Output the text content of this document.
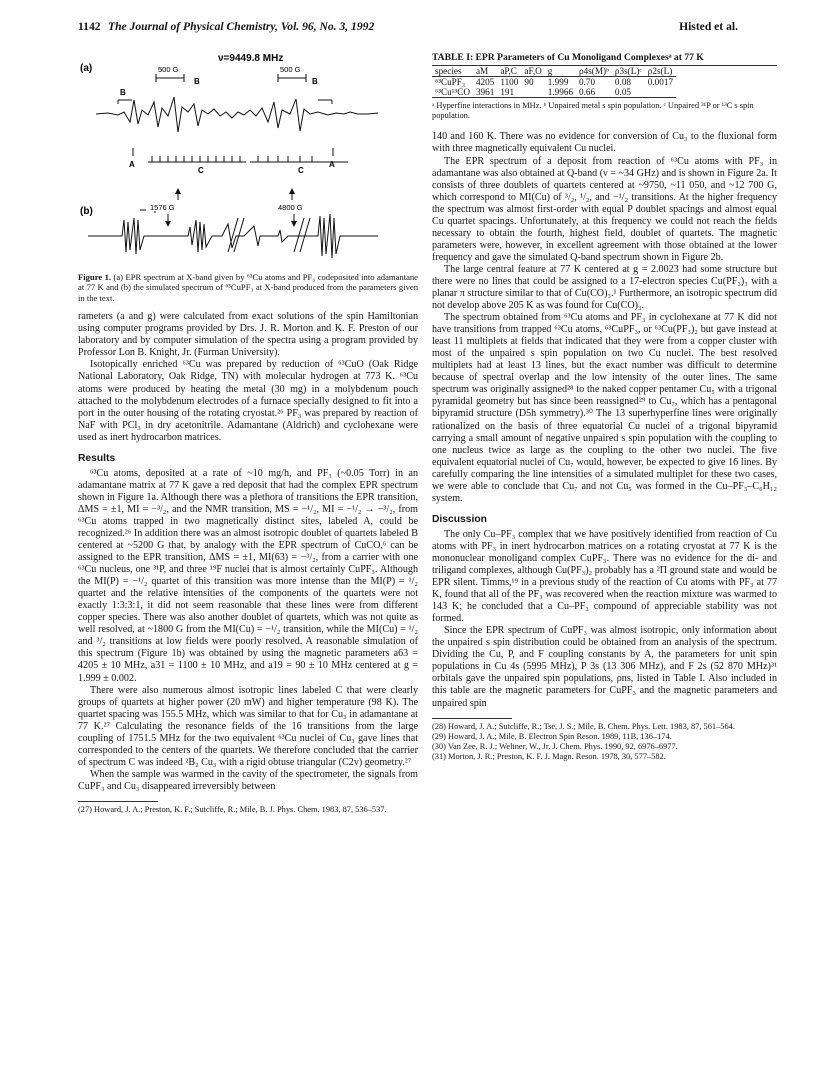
1142 The Journal of Physical Chemistry, Vol. 96, No. 3, 1992	Histed et al.
ν=9449.8 MHz
(a)	500 G	500 G
B
B
B
A	A
C	C
(b)	1576 G	4800 G

Figure 1. (a) EPR spectrum at X-band given by ⁶³Cu atoms and PF₃ codeposited into adamantane at 77 K and (b) the simulated spectrum of ⁶³CuPF₃ at X-band produced from the parameters given in the text.

rameters (a and g) were calculated from exact solutions of the spin Hamiltonian using computer programs provided by Drs. J. R. Morton and K. F. Preston of our laboratory and by computer simulation of the spectra using a program provided by Professor Lon B. Knight, Jr. (Furman University).

Isotopically enriched ⁶³Cu was prepared by reduction of ⁶³CuO (Oak Ridge National Laboratory, Oak Ridge, TN) with molecular hydrogen at 773 K. ⁶³Cu atoms were produced by heating the metal (30 mg) in a molybdenum pouch attached to the molybdenum electrodes of a furnace specially designed to fit into a port in the outer housing of the rotating cryostat.²⁶ PF₃ was prepared by reaction of NaF with PCl₃ in dry acetonitrile. Adamantane (Aldrich) and cyclohexane were used as inert hydrocarbon matrices.

Results

⁶³Cu atoms, deposited at a rate of ~10 mg/h, and PF₃ (~0.05 Torr) in an adamantane matrix at 77 K gave a red deposit that had the complex EPR spectrum shown in Figure 1a. Although there was a plethora of transitions the EPR transition, ΔMS = ±1, MI = −³/₂, and the NMR transition, MS = −¹/₂, MI = −¹/₂ → −³/₂, from ⁶³Cu atoms trapped in two magnetically distinct sites, labeled A, could be recognized.²⁶ In addition there was an almost isotropic doublet of quartets labeled B centered at ~5200 G that, by analogy with the EPR spectrum of CuCO,⁶ can be assigned to the EPR transition, ΔMS = ±1, MI(63) = −³/₂, from a carrier with one ⁶³Cu nucleus, one ³¹P, and three ¹⁹F nuclei that is almost certainly CuPF₃. Although the MI(P) = −¹/₂ quartet of this transition was more intense than the MI(P) = ¹/₂ quartet and the relative intensities of the components of the quartets were not exactly 1:3:3:1, it did not seem reasonable that these lines were from different copper species. There was also another doublet of quartets, which was not quite as well resolved, at ~1800 G from the MI(Cu) = −¹/₂ transition, while the MI(Cu) = ¹/₂ and ³/₂ transitions at low fields were poorly resolved. A reasonable simulation of this spectrum (Figure 1b) was obtained by using the magnetic parameters a63 = 4205 ± 10 MHz, a31 = 1100 ± 10 MHz, and a19 = 90 ± 10 MHz centered at g = 1.999 ± 0.002.

There were also numerous almost isotropic lines labeled C that were clearly groups of quartets at higher power (20 mW) and higher temperature (98 K). The quartet spacing was 155.5 MHz, which was similar to that for Cu₃ in adamantane at 77 K.²⁷ Calculating the resonance fields of the 16 transitions from the large coupling of 1751.5 MHz for the two equivalent ⁶³Cu nuclei of Cu₃ gave lines that corresponded to the centers of the quartets. We therefore concluded that the carrier of spectrum C was indeed ²B₂ Cu₃ with a rigid obtuse triangular (C2v) geometry.²⁷

When the sample was warmed in the cavity of the spectrometer, the signals from CuPF₃ and Cu₃ disappeared irreversibly between

(27) Howard, J. A.; Preston, K. F.; Sutcliffe, R.; Mile, B. J. Phys. Chem. 1983, 87, 536–537.

TABLE I: EPR Parameters of Cu Monoligand Complexesᵃ at 77 K
species	aM	aP,C	aF,O	g	ρ4s(M)ᵇ	ρ3s(L)ᶜ	ρ2s(L)
⁶³CuPF₃	4205	1100	90	1.999	0.70	0.08	0.0017
⁶³Cu¹³CO	3961	191		1.9966	0.66	0.05	

ᵃ Hyperfine interactions in MHz. ᵇ Unpaired metal s spin population. ᶜ Unpaired ³¹P or ¹³C s spin population.

140 and 160 K. There was no evidence for conversion of Cu₃ to the fluxional form with three magnetically equivalent Cu nuclei.

The EPR spectrum of a deposit from reaction of ⁶³Cu atoms with PF₃ in adamantane was also obtained at Q-band (ν = ~34 GHz) and is shown in Figure 2a. It consists of three doublets of quartets centered at ~9750, ~11 050, and ~12 700 G, which correspond to MI(Cu) of ³/₂, ¹/₂, and −¹/₂ transitions. At the higher frequency the spectrum was almost first-order with equal P doublet spacings and almost equal Cu quartet spacings. Unfortunately, at this frequency we could not reach the fields necessary to obtain the fourth, highest field, doublet of quartets. The magnetic parameters were, however, in excellent agreement with those obtained at the lower frequency and gave the simulated Q-band spectrum shown in Figure 2b.

The large central feature at 77 K centered at g = 2.0023 had some structure but there were no lines that could be assigned to a 17-electron species Cu(PF₃)₃ with a planar π structure similar to that of Cu(CO)₃.¹ Furthermore, an isotropic spectrum did not develop above 205 K as was found for Cu(CO)₃.

The spectrum obtained from ⁶³Cu atoms and PF₃ in cyclohexane at 77 K did not have transitions from trapped ⁶³Cu atoms, ⁶³CuPF₃, or ⁶³Cu(PF₃)₂ but gave instead at least 11 multiplets at fields that indicated that they were from a copper cluster with most of the unpaired s spin population on two Cu nuclei. The best resolved multiplets had at least 13 lines, but the exact number was difficult to determine because of spectral overlap and the low intensity of the outer lines. The same spectrum was originally assigned²⁸ to the naked copper pentamer Cu₅ with a trigonal pyramidal geometry but has since been reassigned²⁹ to Cu₇, which has a pentagonal bipyramid structure (D5h symmetry).³⁰ The 13 superhyperfine lines were originally rationalized on the basis of three equatorial Cu nuclei of a trigonal bipyramid carrying a small amount of negative unpaired s spin population with the coupling to one nucleus twice as large as the coupling to the other two nuclei. The five equivalent equatorial nuclei of Cu₇ would, however, be expected to give 16 lines. By carefully comparing the line intensities of a simulated multiplet for these two cases, we were able to conclude that Cu₇ and not Cu₅ was formed in the Cu–PF₃–C₆H₁₂ system.

Discussion

The only Cu–PF₃ complex that we have positively identified from reaction of Cu atoms with PF₃ in inert hydrocarbon matrices on a rotating cryostat at 77 K is the mononuclear monoligand complex CuPF₃. There was no evidence for the di- and triligand complexes, although Cu(PF₃)₂ probably has a ²Π ground state and would be EPR silent. Timms,¹⁹ in a previous study of the reaction of Cu atoms with PF₃ at 77 K, found that all of the PF₃ was recovered when the reaction mixture was warmed to 143 K; he concluded that a Cu–PF₃ compound of appreciable stability was not formed.

Since the EPR spectrum of CuPF₃ was almost isotropic, only information about the unpaired s spin distribution could be obtained from an analysis of the spectrum. Dividing the Cu, P, and F coupling constants by A, the parameters for unit spin populations in Cu 4s (5995 MHz), P 3s (13 306 MHz), and F 2s (52 870 MHz)³¹ orbitals gave the unpaired spin populations, ρns, listed in Table I. Also included in this table are the magnetic parameters for CuPF₃ and the magnetic parameters and unpaired spin

(28) Howard, J. A.; Sutcliffe, R.; Tse, J. S.; Mile, B. Chem. Phys. Lett. 1983, 87, 561–564.

(29) Howard, J. A.; Mile, B. Electron Spin Reson. 1989, 11B, 136–174.

(30) Van Zee, R. J.; Weltner, W., Jr. J. Chem. Phys. 1990, 92, 6976–6977.

(31) Morton, J. R.; Preston, K. F. J. Magn. Reson. 1978, 30, 577–582.
